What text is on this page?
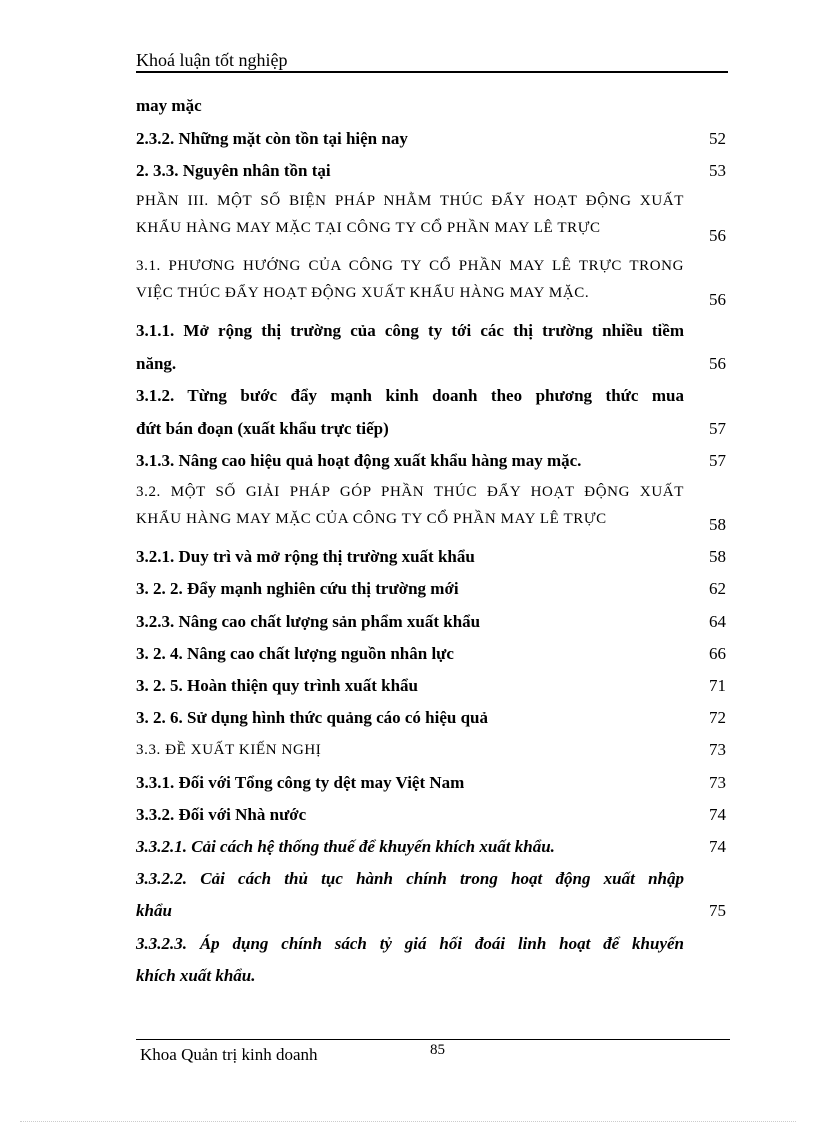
Khoá luận tốt nghiệp
may mặc
2.3.2. Những mặt còn tồn tại hiện nay	52
2. 3.3. Nguyên nhân tồn tại	53
PHẦN III. MỘT SỐ BIỆN PHÁP NHẰM THÚC ĐẨY HOẠT ĐỘNG XUẤT
KHẨU HÀNG MAY MẶC TẠI CÔNG TY CỔ PHẦN MAY LÊ TRỰC	56
3.1. PHƯƠNG HƯỚNG CỦA CÔNG TY CỔ PHẦN MAY LÊ TRỰC TRONG
VIỆC THÚC ĐẨY HOẠT ĐỘNG XUẤT KHẨU HÀNG MAY MẶC.	56
3.1.1. Mở rộng thị trường của công ty tới các thị trường nhiều tiềm
năng.	56
3.1.2. Từng bước đẩy mạnh kinh doanh theo phương thức mua
đứt bán đoạn (xuất khẩu trực tiếp)	57
3.1.3. Nâng cao hiệu quả hoạt động xuất khẩu hàng may mặc.	57
3.2. MỘT SỐ GIẢI PHÁP GÓP PHẦN THÚC ĐẨY HOẠT ĐỘNG XUẤT
KHẨU HÀNG MAY MẶC CỦA CÔNG TY CỔ PHẦN MAY LÊ TRỰC	58
3.2.1. Duy trì và mở rộng thị trường xuất khẩu	58
3. 2. 2. Đẩy mạnh nghiên cứu thị trường mới	62
3.2.3. Nâng cao chất lượng sản phẩm xuất khẩu	64
3. 2. 4. Nâng cao chất lượng nguồn nhân lực	66
3. 2. 5. Hoàn thiện quy trình xuất khẩu	71
3. 2. 6. Sử dụng hình thức quảng cáo có hiệu quả	72
3.3. ĐỀ XUẤT KIẾN NGHỊ	73
3.3.1. Đối với Tổng công ty dệt may Việt Nam	73
3.3.2. Đối với Nhà nước	74
3.3.2.1. Cải cách hệ thống thuế để khuyến khích xuất khẩu.	74
3.3.2.2. Cải cách thủ tục hành chính trong hoạt động xuất nhập
khẩu	75
3.3.2.3. Áp dụng chính sách tỷ giá hối đoái linh hoạt để khuyến
khích xuất khẩu.
Khoa Quản trị kinh doanh	85
